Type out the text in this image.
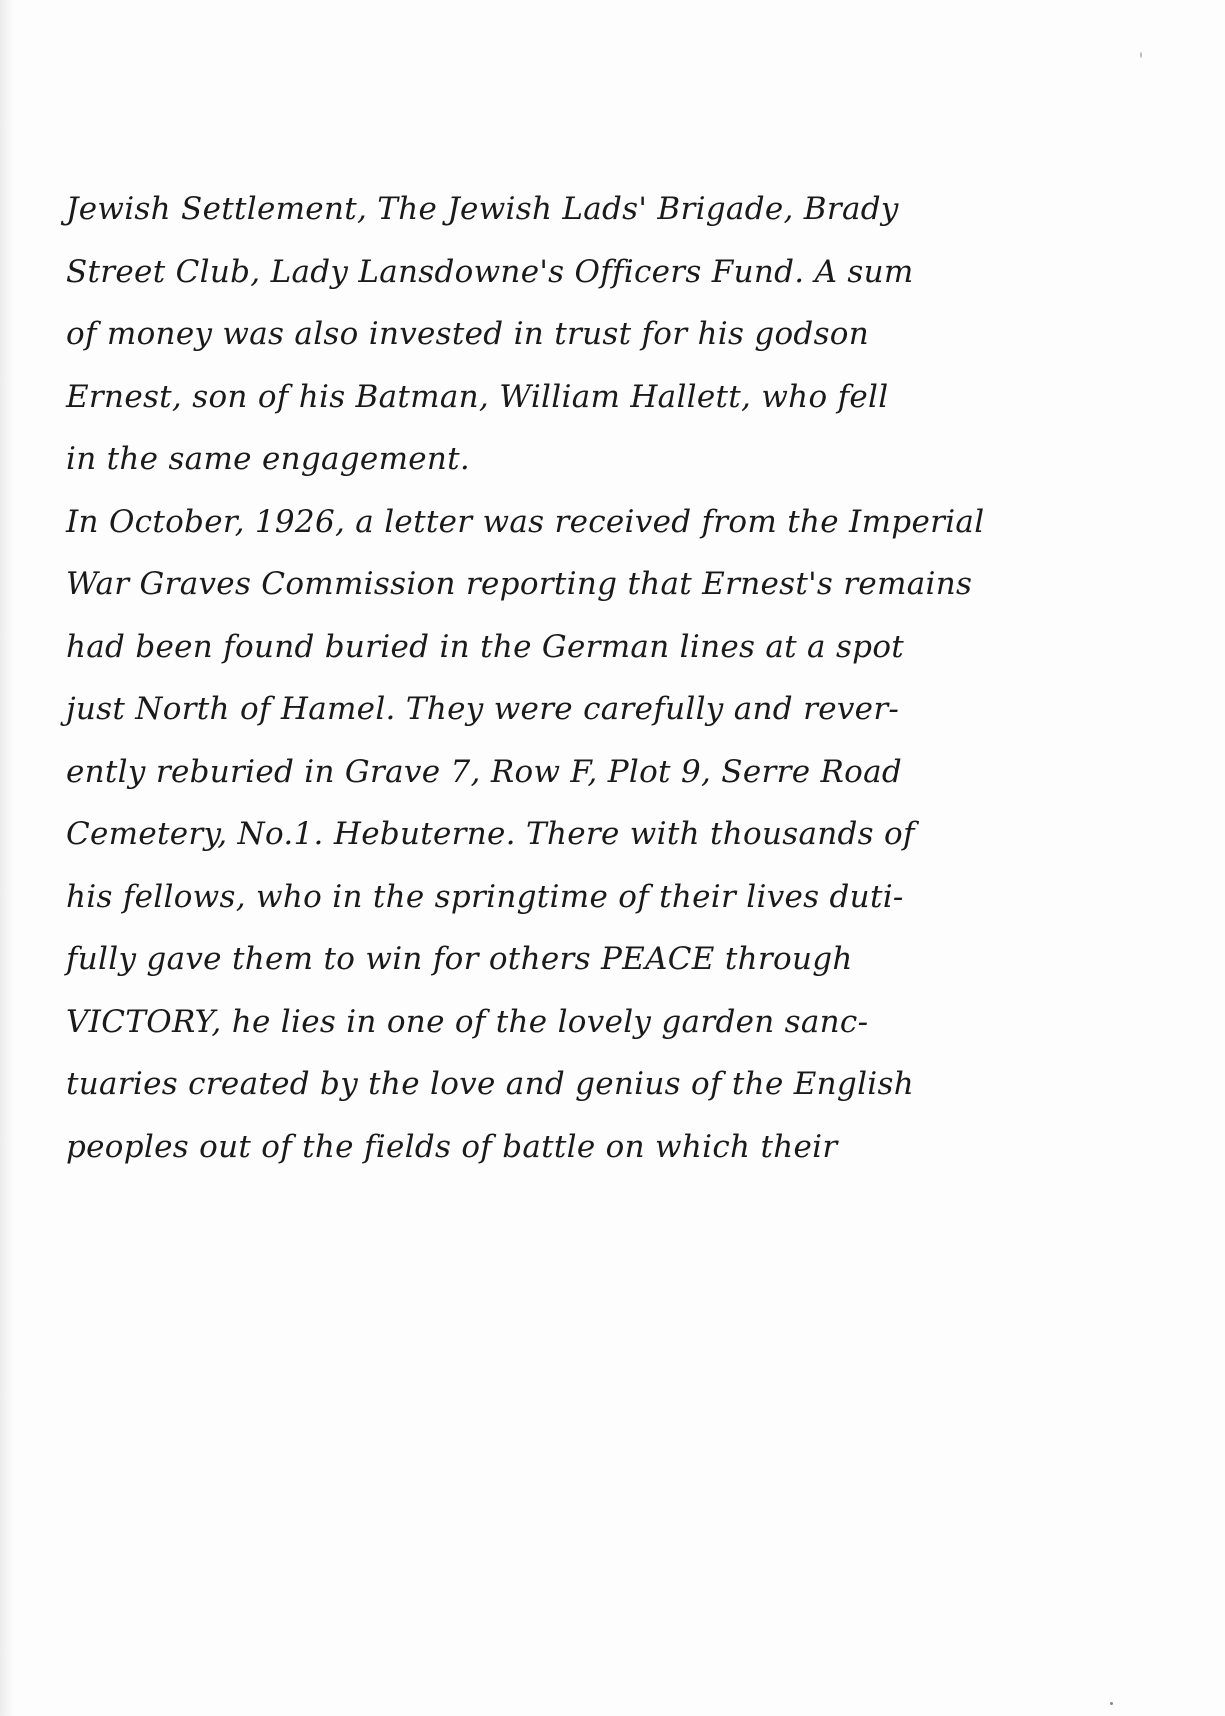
Jewish Settlement, The Jewish Lads' Brigade, Brady
Street Club, Lady Lansdowne's Officers Fund. A sum
of money was also invested in trust for his godson
Ernest, son of his Batman, William Hallett, who fell
in the same engagement.
In October, 1926, a letter was received from the Imperial
War Graves Commission reporting that Ernest's remains
had been found buried in the German lines at a spot
just North of Hamel. They were carefully and rever-
ently reburied in Grave 7, Row F, Plot 9, Serre Road
Cemetery, No.1. Hebuterne. There with thousands of
his fellows, who in the springtime of their lives duti-
fully gave them to win for others PEACE through
VICTORY, he lies in one of the lovely garden sanc-
tuaries created by the love and genius of the English
peoples out of the fields of battle on which their
